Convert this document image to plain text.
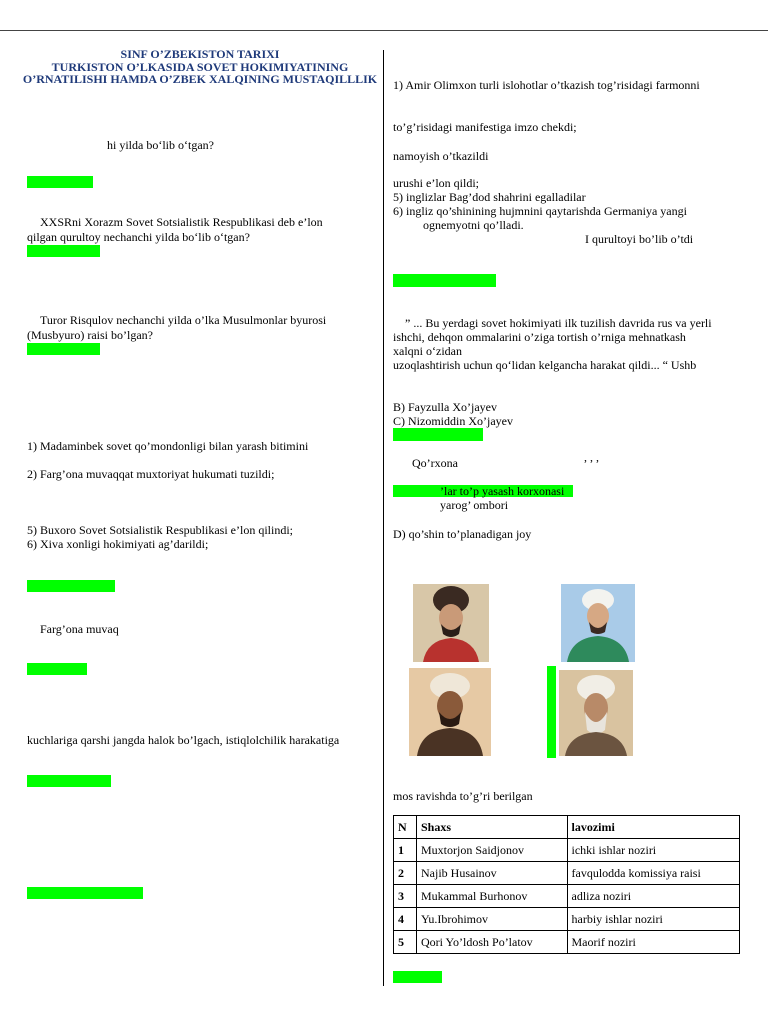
SINF O’ZBEKISTON TARIXI
TURKISTON O’LKASIDA SOVET HOKIMIYATINING
O’RNATILISHI HAMDA O’ZBEK XALQINING MUSTAQILLLIK
hi yilda bo‘lib o‘tgan?
XXSRni Xorazm Sovet Sotsialistik Respublikasi deb e’lon
qilgan qurultoy nechanchi yilda bo‘lib o‘tgan?
Turor Risqulov nechanchi yilda o’lka Musulmonlar byurosi
(Musbyuro) raisi bo’lgan?
1) Madaminbek sovet qo’mondonligi bilan yarash bitimini
2) Farg’ona muvaqqat muxtoriyat hukumati tuzildi;
5) Buxoro Sovet Sotsialistik Respublikasi e’lon qilindi;
6) Xiva xonligi hokimiyati ag’darildi;
Farg’ona muvaq
kuchlariga qarshi jangda halok bo’lgach, istiqlolchilik harakatiga
1) Amir Olimxon turli islohotlar o’tkazish tog’risidagi farmonni
to’g’risidagi manifestiga imzo chekdi;
namoyish o’tkazildi
urushi e’lon qildi;
5) inglizlar Bag’dod shahrini egalladilar
6) ingliz qo’shinining hujmnini qaytarishda Germaniya yangi
ognemyotni qo’lladi.
I qurultoyi bo’lib o’tdi
” ... Bu yerdagi sovet hokimiyati ilk tuzilish davrida rus va yerli
ishchi, dehqon ommalarini o’ziga tortish o’rniga mehnatkash
xalqni o‘zidan
uzoqlashtirish uchun qo‘lidan kelgancha harakat qildi... “ Ushb
B) Fayzulla Xo’jayev
C) Nizomiddin Xo’jayev
Qo’rxona	, , ,
’lar to’p yasash korxonasi
yarog’ ombori
D) qo’shin to’planadigan joy
mos ravishda to’g’ri berilgan
N	Shaxs	lavozimi
1	Muxtorjon Saidjonov	ichki ishlar noziri
2	Najib Husainov	favqulodda komissiya raisi
3	Mukammal Burhonov	adliza noziri
4	Yu.Ibrohimov	harbiy ishlar noziri
5	Qori Yo’ldosh Po’latov	Maorif noziri
